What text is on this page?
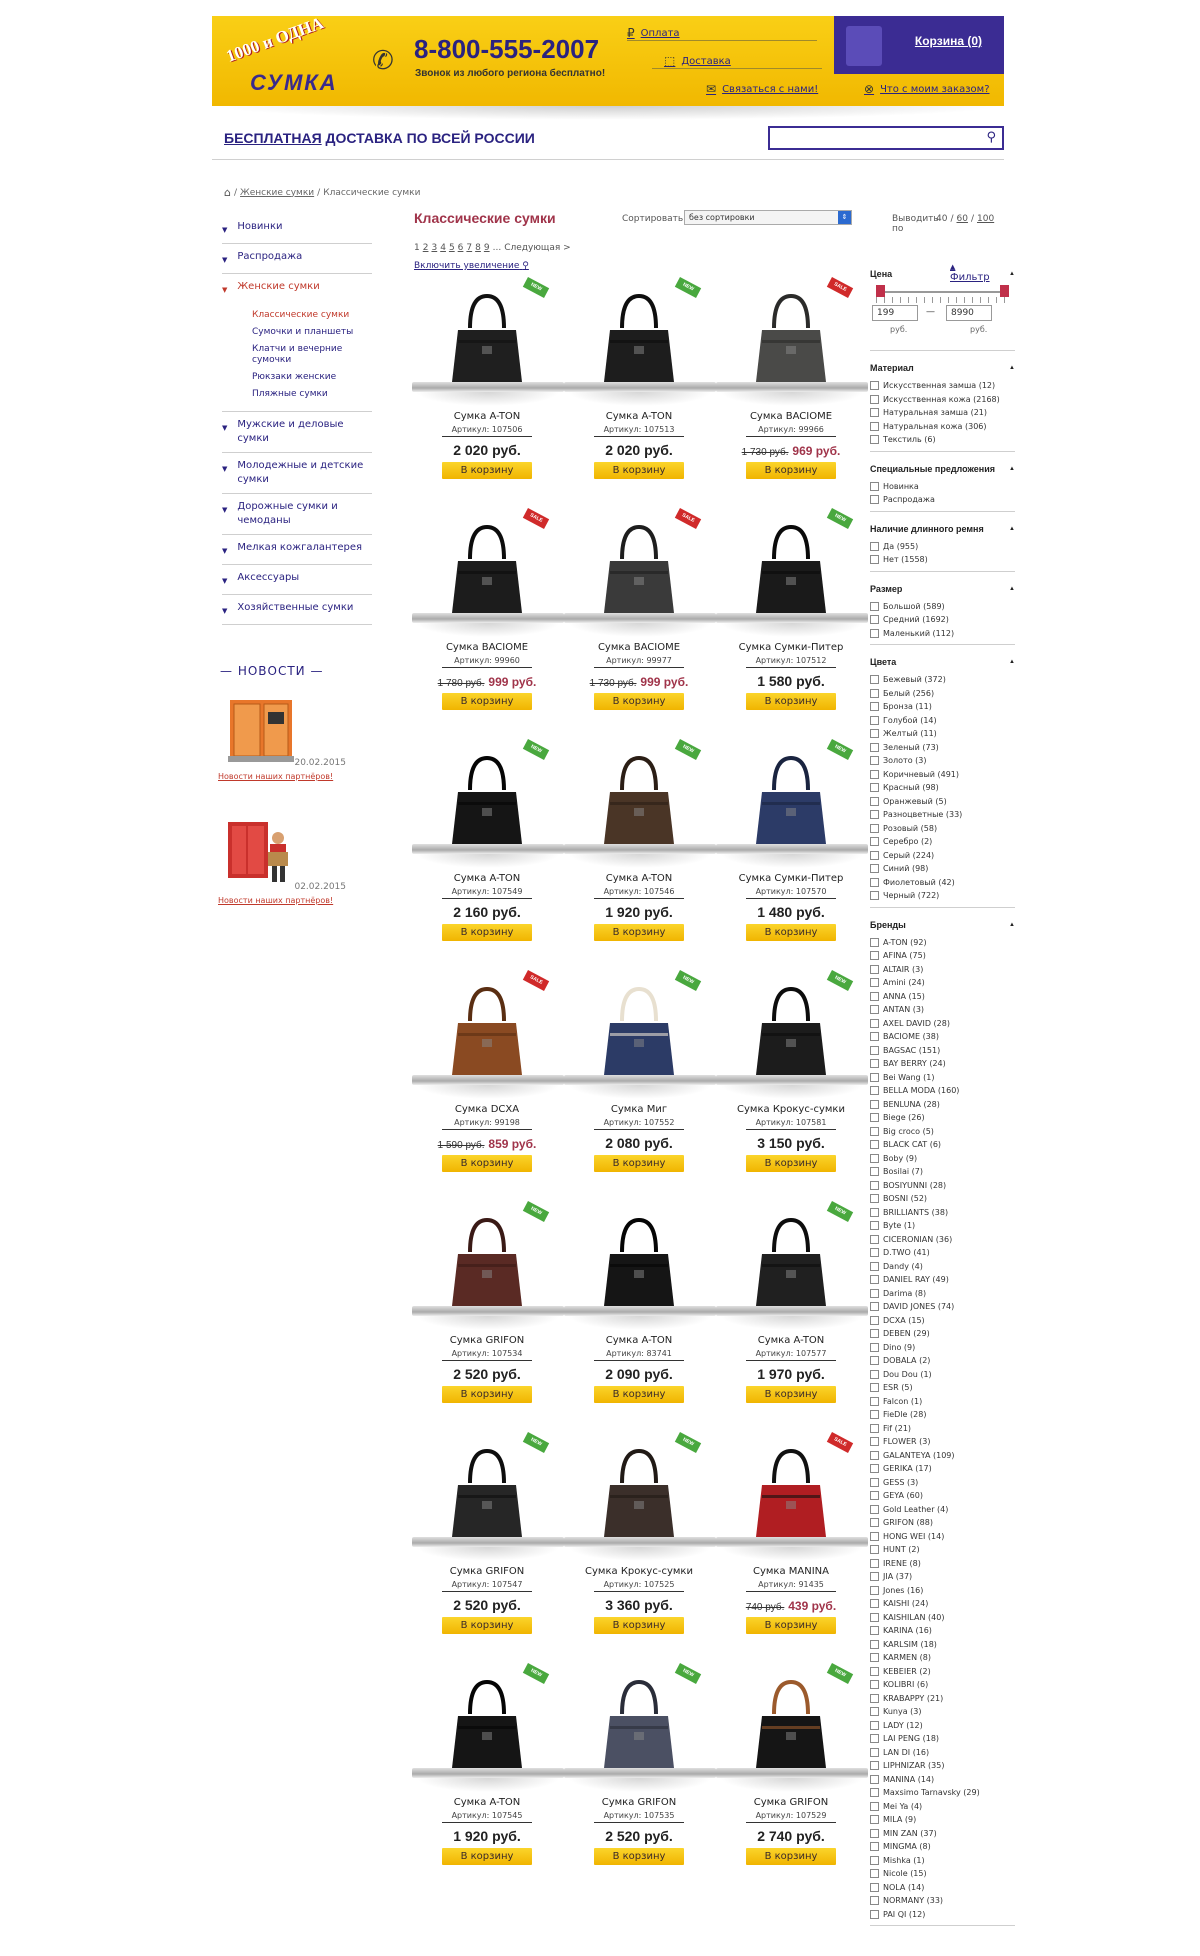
1000 и ОДНА
СУМКА
✆ 8-800-555-2007
Звонок из любого региона бесплатно!
₽ Оплата
⬚ Доставка
✉ Связаться с нами!	⊗ Что с моим заказом?
Корзина (0)
БЕСПЛАТНАЯ ДОСТАВКА ПО ВСЕЙ РОССИИ	⚲
⌂ / Женские сумки / Классические сумки
▼ Новинки
▼ Распродажа
▼ Женские сумки
Классические сумки
Сумочки и планшеты
Клатчи и вечерние сумочки
Рюкзаки женские
Пляжные сумки
▼ Мужские и деловые сумки
▼ Молодежные и детские сумки
▼ Дорожные сумки и чемоданы
▼ Мелкая кожгалантерея
▼ Аксессуары
▼ Хозяйственные сумки
— НОВОСТИ —
20.02.2015
Новости наших партнёров!
02.02.2015
Новости наших партнёров!
Классические сумки	Сортировать без сортировки	⇕	Выводить по
40 / 60 / 100
1 2 3 4 5 6 7 8 9 ... Следующая >
Включить увеличение ⚲	▲ Фильтр
NEW
Сумка A-TON
Артикул: 107506
2 020 руб.
В корзину
NEW
Сумка A-TON
Артикул: 107513
2 020 руб.
В корзину
SALE
Сумка BACIOME
Артикул: 99966
1 730 руб. 969 руб.
В корзину
SALE
Сумка BACIOME
Артикул: 99960
1 780 руб. 999 руб.
В корзину
SALE
Сумка BACIOME
Артикул: 99977
1 730 руб. 999 руб.
В корзину
NEW
Сумка Сумки-Питер
Артикул: 107512
1 580 руб.
В корзину
NEW
Сумка A-TON
Артикул: 107549
2 160 руб.
В корзину
NEW
Сумка A-TON
Артикул: 107546
1 920 руб.
В корзину
NEW
Сумка Сумки-Питер
Артикул: 107570
1 480 руб.
В корзину
SALE
Сумка DCXA
Артикул: 99198
1 590 руб. 859 руб.
В корзину
NEW
Сумка Миг
Артикул: 107552
2 080 руб.
В корзину
NEW
Сумка Крокус-сумки
Артикул: 107581
3 150 руб.
В корзину
NEW
Сумка GRIFON
Артикул: 107534
2 520 руб.
В корзину
Сумка A-TON
Артикул: 83741
2 090 руб.
В корзину
NEW
Сумка A-TON
Артикул: 107577
1 970 руб.
В корзину
NEW
Сумка GRIFON
Артикул: 107547
2 520 руб.
В корзину
NEW
Сумка Крокус-сумки
Артикул: 107525
3 360 руб.
В корзину
SALE
Сумка MANINA
Артикул: 91435
740 руб. 439 руб.
В корзину
NEW
Сумка A-TON
Артикул: 107545
1 920 руб.
В корзину
NEW
Сумка GRIFON
Артикул: 107535
2 520 руб.
В корзину
NEW
Сумка GRIFON
Артикул: 107529
2 740 руб.
В корзину
Цена	▲
199	—	8990
руб.	руб.
Материал	▲
Искусственная замша (12)
Искусственная кожа (2168)
Натуральная замша (21)
Натуральная кожа (306)
Текстиль (6)
Специальные предложения ▲
Новинка
Распродажа
Наличие длинного ремня	▲
Да (955)
Нет (1558)
Размер	▲
Большой (589)
Средний (1692)
Маленький (112)
Цвета	▲
Бежевый (372)
Белый (256)
Бронза (11)
Голубой (14)
Желтый (11)
Зеленый (73)
Золото (3)
Коричневый (491)
Красный (98)
Оранжевый (5)
Разноцветные (33)
Розовый (58)
Серебро (2)
Серый (224)
Синий (98)
Фиолетовый (42)
Черный (722)
Бренды	▲
A-TON (92)
AFINA (75)
ALTAIR (3)
Amini (24)
ANNA (15)
ANTAN (3)
AXEL DAVID (28)
BACIOME (38)
BAGSAC (151)
BAY BERRY (24)
Bei Wang (1)
BELLA MODA (160)
BENLUNA (28)
Biege (26)
Big croco (5)
BLACK CAT (6)
Boby (9)
Bosilai (7)
BOSIYUNNI (28)
BOSNI (52)
BRILLIANTS (38)
Byte (1)
CICERONIAN (36)
D.TWO (41)
Dandy (4)
DANIEL RAY (49)
Darima (8)
DAVID JONES (74)
DCXA (15)
DEBEN (29)
Dino (9)
DOBALA (2)
Dou Dou (1)
ESR (5)
Falcon (1)
FieDle (28)
Fif (21)
FLOWER (3)
GALANTEYA (109)
GERIKA (17)
GESS (3)
GEYA (60)
Gold Leather (4)
GRIFON (88)
HONG WEI (14)
HUNT (2)
IRENE (8)
JIA (37)
Jones (16)
KAISHI (24)
KAISHILAN (40)
KARINA (16)
KARLSIM (18)
KARMEN (8)
KEBEIER (2)
KOLIBRI (6)
KRABAPPY (21)
Kunya (3)
LADY (12)
LAI PENG (18)
LAN DI (16)
LIPHNIZAR (35)
MANINA (14)
Maxsimo Tarnavsky (29)
Mei Ya (4)
MILA (9)
MIN ZAN (37)
MINGMA (8)
Mishka (1)
Nicole (15)
NOLA (14)
NORMANY (33)
PAI QI (12)
